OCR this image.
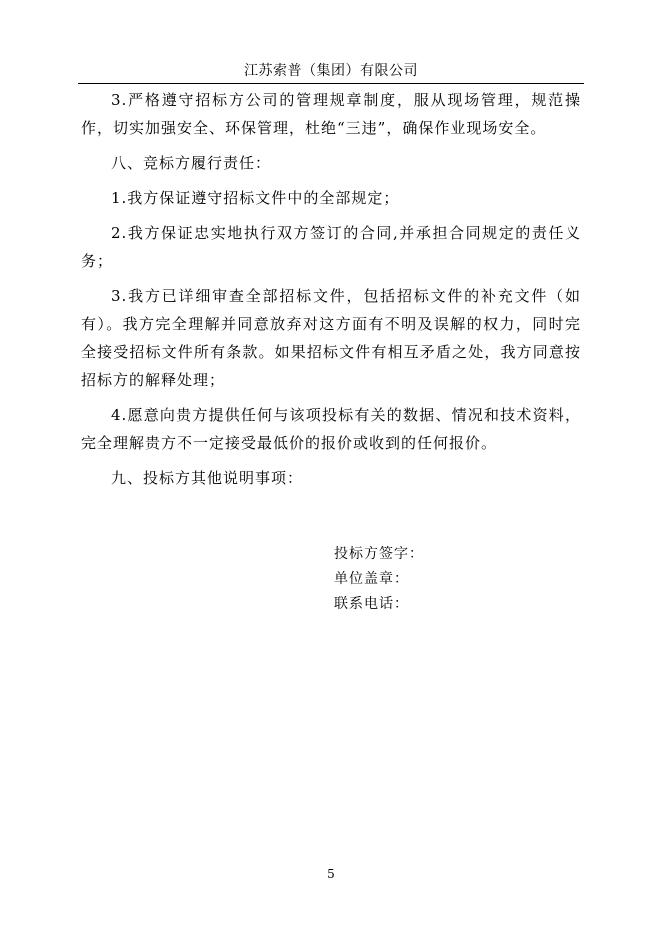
江苏索普（集团）有限公司

3.严格遵守招标方公司的管理规章制度，服从现场管理，规范操作，切实加强安全、环保管理，杜绝“三违”，确保作业现场安全。

八、竞标方履行责任：

1.我方保证遵守招标文件中的全部规定；

2.我方保证忠实地执行双方签订的合同,并承担合同规定的责任义务；

3.我方已详细审查全部招标文件，包括招标文件的补充文件（如有）。我方完全理解并同意放弃对这方面有不明及误解的权力，同时完全接受招标文件所有条款。如果招标文件有相互矛盾之处，我方同意按招标方的解释处理；

4.愿意向贵方提供任何与该项投标有关的数据、情况和技术资料，完全理解贵方不一定接受最低价的报价或收到的任何报价。

九、投标方其他说明事项：

投标方签字：
单位盖章：
联系电话：
5
